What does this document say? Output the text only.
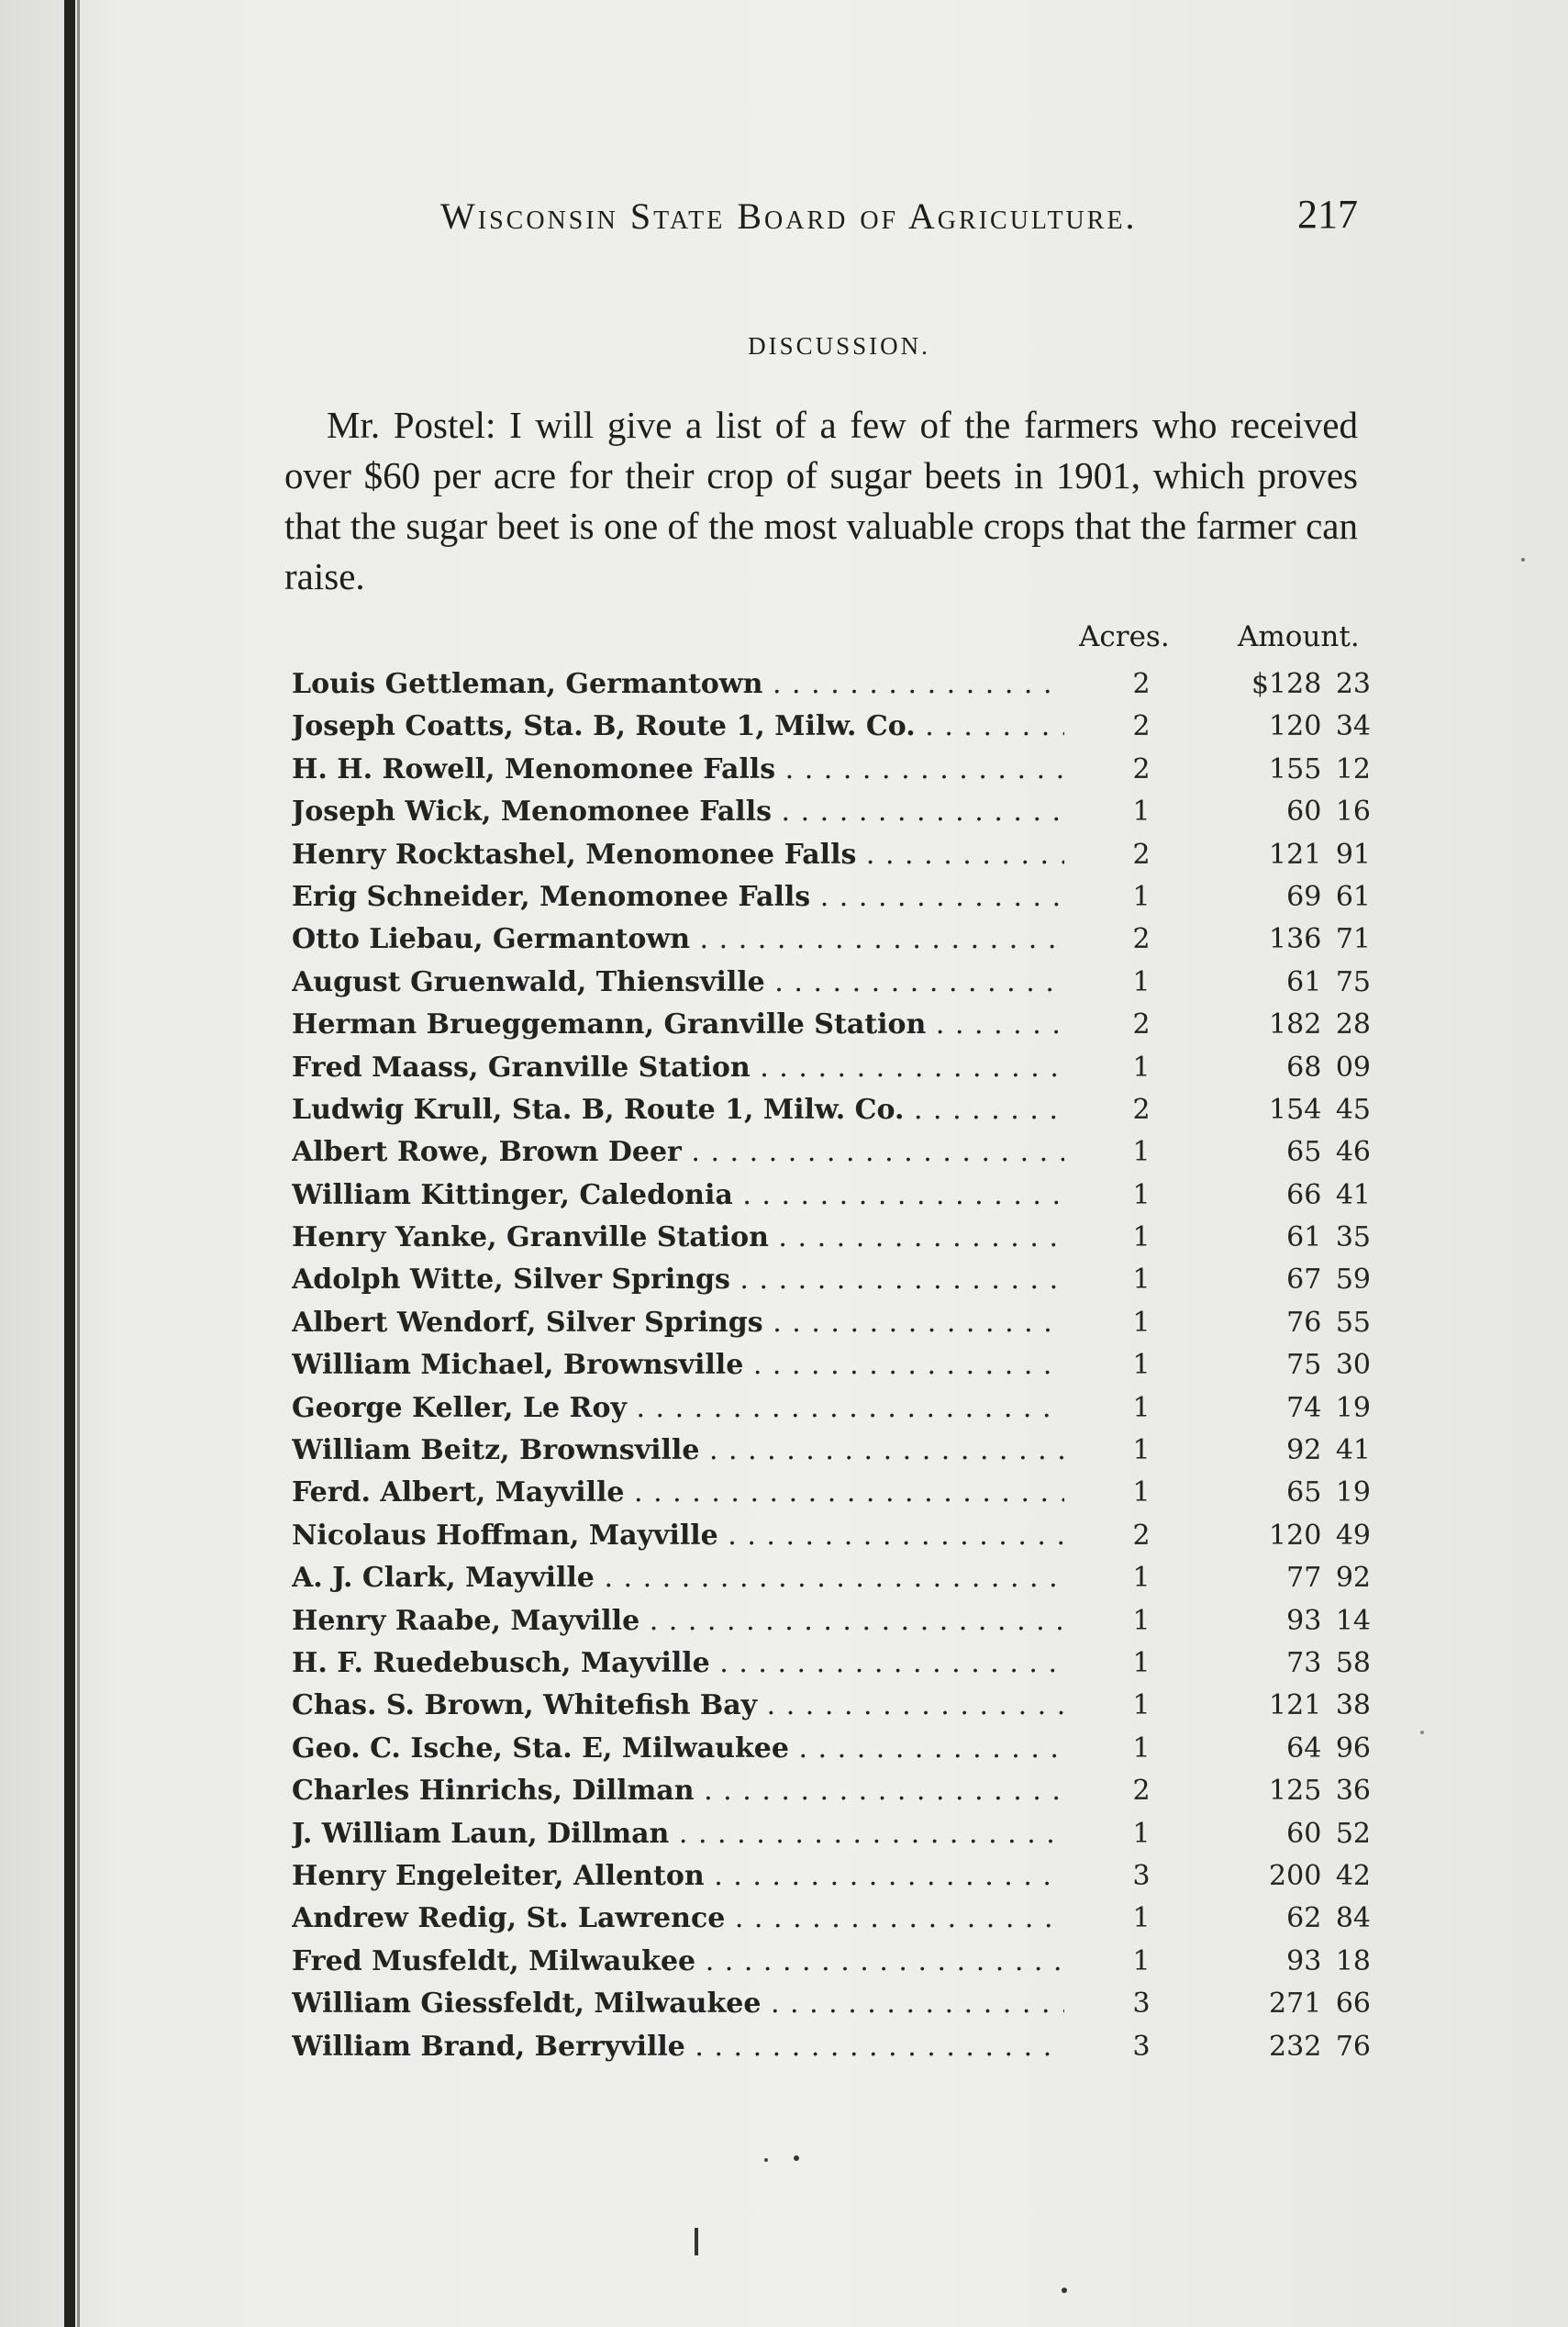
Wisconsin State Board of Agriculture.	217
DISCUSSION.
Mr. Postel: I will give a list of a few of the farmers who received over $60 per acre for their crop of sugar beets in 1901, which proves that the sugar beet is one of the most valuable crops that the farmer can raise.
Acres. Amount.
Louis Gettleman, Germantown . . .	2	$128 23
Joseph Coatts, Sta. B, Route 1, Milw. Co. . . .	2	120 34
H. H. Rowell, Menomonee Falls . . .	2	155 12
Joseph Wick, Menomonee Falls . . .	1	60 16
Henry Rocktashel, Menomonee Falls . . .	2	121 91
Erig Schneider, Menomonee Falls . . .	1	69 61
Otto Liebau, Germantown . . .	2	136 71
August Gruenwald, Thiensville . . .	1	61 75
Herman Brueggemann, Granville Station . . .	2	182 28
Fred Maass, Granville Station . . .	1	68 09
Ludwig Krull, Sta. B, Route 1, Milw. Co. . . .	2	154 45
Albert Rowe, Brown Deer . . .	1	65 46
William Kittinger, Caledonia . . .	1	66 41
Henry Yanke, Granville Station . . .	1	61 35
Adolph Witte, Silver Springs . . .	1	67 59
Albert Wendorf, Silver Springs . . .	1	76 55
William Michael, Brownsville . . .	1	75 30
George Keller, Le Roy . . .	1	74 19
William Beitz, Brownsville . . .	1	92 41
Ferd. Albert, Mayville . . .	1	65 19
Nicolaus Hoffman, Mayville . . .	2	120 49
A. J. Clark, Mayville . . .	1	77 92
Henry Raabe, Mayville . . .	1	93 14
H. F. Ruedebusch, Mayville . . .	1	73 58
Chas. S. Brown, Whitefish Bay . . .	1	121 38
Geo. C. Ische, Sta. E, Milwaukee . . .	1	64 96
Charles Hinrichs, Dillman . . .	2	125 36
J. William Laun, Dillman . . .	1	60 52
Henry Engeleiter, Allenton . . .	3	200 42
Andrew Redig, St. Lawrence . . .	1	62 84
Fred Musfeldt, Milwaukee . . .	1	93 18
William Giessfeldt, Milwaukee . . .	3	271 66
William Brand, Berryville . . .	3	232 76
